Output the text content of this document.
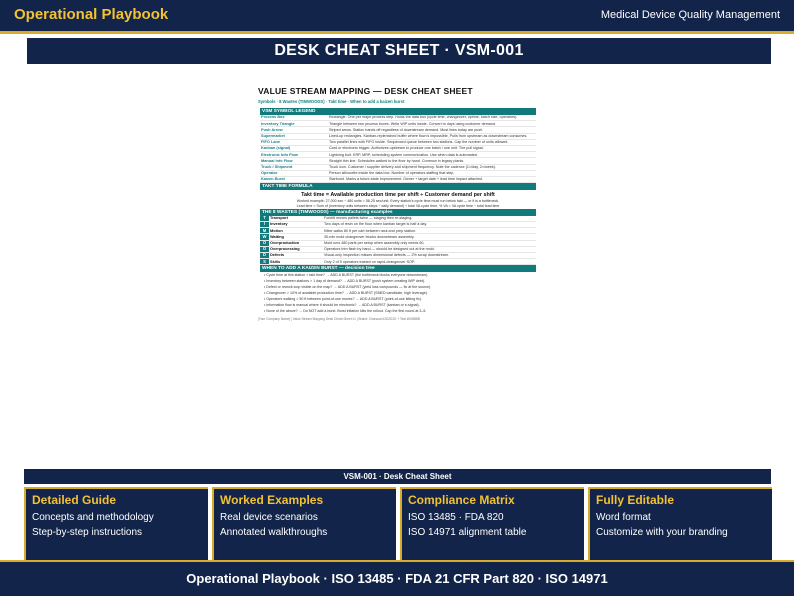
Operational Playbook	Medical Device Quality Management
DESK CHEAT SHEET · VSM-001
VALUE STREAM MAPPING — DESK CHEAT SHEET
Symbols · 8 Wastes (TIMWOODS) · Takt time · When to add a kaizen burst
VSM SYMBOL LEGEND
Process Box	Rectangle. One per major process step. Holds the data box (cycle time, changeover, uptime, batch size, operators).
Inventory Triangle	Triangle between two process boxes. Write WIP units inside. Convert to days using customer demand.
Push Arrow	Striped arrow. Station hands off regardless of downstream demand. Most lines today are push.
Supermarket	Lined-up rectangles. Kanban-replenished buffer where flow is impossible. Pulls from upstream as downstream consumes.
FIFO Lane	Two parallel lines with FIFO inside. Sequenced queue between two stations. Cap the number of units allowed.
Kanban (signal)	Card or electronic trigger. Authorizes upstream to produce one batch / one unit. The pull signal.
Electronic Info Flow	Lightning bolt. ERP, MRP, scheduling system communication. Use when data is automated.
Manual Info Flow	Straight thin line. Schedules walked to the floor by hand. Common in legacy plants.
Truck / Shipment	Truck icon. Customer / supplier delivery and shipment frequency. Note the cadence (1×/day, 2×/week).
Operator	Person silhouette inside the data box. Number of operators staffing that step.
Kaizen Burst	Starburst. Marks a future-state improvement. Owner + target date + lead time impact attached.
TAKT TIME FORMULA
Takt time = Available production time per shift ÷ Customer demand per shift
Worked example: 27,000 sec ÷ 480 units = 56.25 sec/unit. Every station's cycle time must run below takt — or it is a bottleneck.
Lead time = Sum of (inventory units between steps ÷ daily demand) + total VA cycle time. % VA = VA cycle time ÷ total lead time
THE 8 WASTES (TIMWOODS) — manufacturing examples
T	Transport	Forklift moves pallets twice — staging then re-staging.
I	Inventory	Two days of resin on the floor when kanban target is half a day.
M	Motion	Kitter walks 80 ft per cart between rack and prep station.
W	Waiting	30-min mold changeover blocks downstream assembly.
O	Overproduction	Mold runs 480 parts per setup when assembly only needs 60.
O	Overprocessing	Operators trim flash by hand — should be designed out at the mold.
D	Defects	Visual-only inspection misses dimensional defects — 2% scrap downstream.
S	Skills	Only 2 of 5 operators trained on rapid-changeover SOP.
WHEN TO ADD A KAIZEN BURST — decision tree
• Cycle time at this station > takt time? → ADD A BURST (the bottleneck blocks everyone downstream).
• Inventory between stations > 1 day of demand? → ADD A BURST (push system creating WIP debt).
• Defect or rework loop visible on the map? → ADD A BURST (yield loss compounds — fix at the source).
• Changeover > 10% of available production time? → ADD A BURST (SMED candidate, high leverage).
• Operators walking > 50 ft between point-of-use moves? → ADD A BURST (point-of-use kitting fix).
• Information flow is manual where it should be electronic? → ADD A BURST (kanban or e-signal).
• None of the above? → Do NOT add a burst. Burst inflation kills the rollout. Cap the first round at 3–5.
[Your Company Name] | Value Stream Mapping Desk Cheat Sheet v1 | Brand: Charcoal #2D2D2D + Teal #008B8B
VSM-001 · Desk Cheat Sheet
Detailed Guide
Concepts and methodology
Step-by-step instructions
Worked Examples
Real device scenarios
Annotated walkthroughs
Compliance Matrix
ISO 13485 · FDA 820
ISO 14971 alignment table
Fully Editable
Word format
Customize with your branding
Operational Playbook · ISO 13485 · FDA 21 CFR Part 820 · ISO 14971
